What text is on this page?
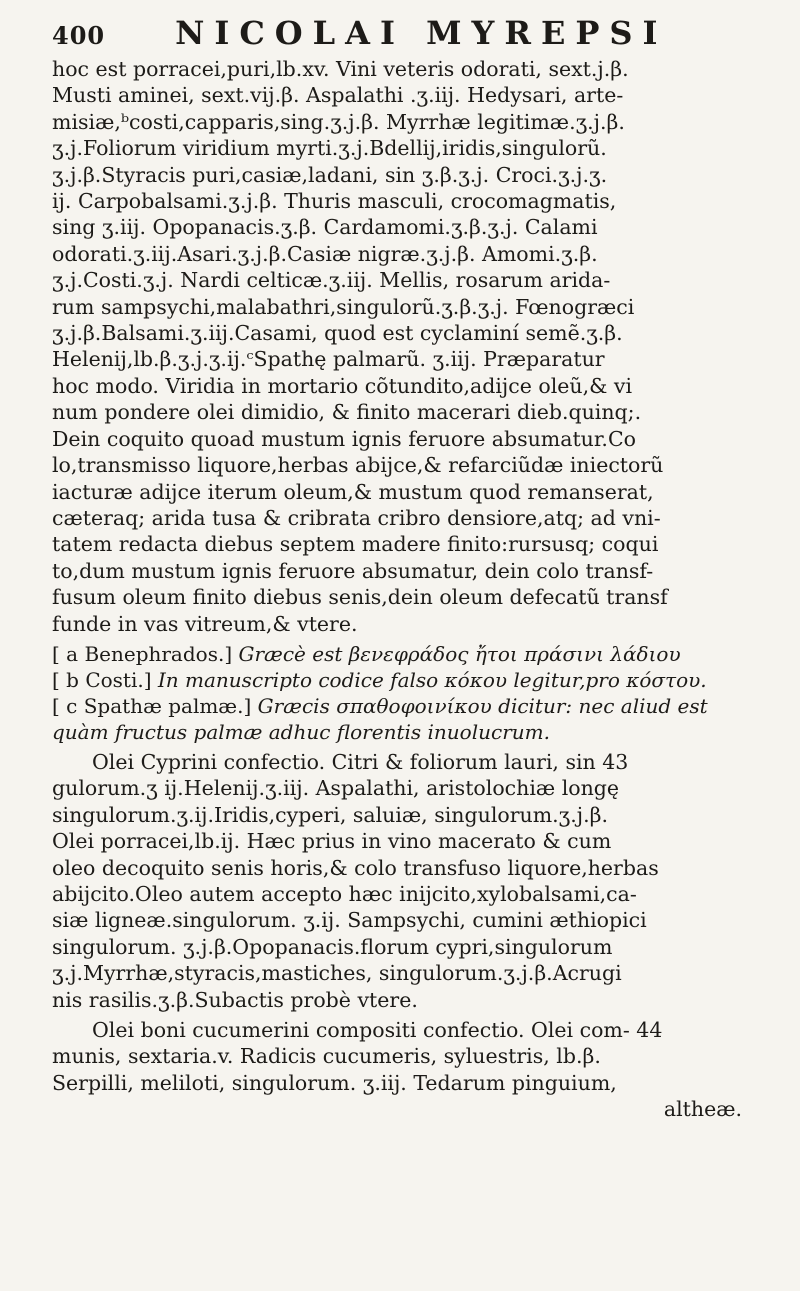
400 NICOLAI MYREPSI
hoc est porracei,puri,lb.xv. Vini veteris odorati, sext.j.β.
Musti aminei, sext.vij.β. Aspalathi .ʒ.iij. Hedysari, arte-
misiæ,ᵇcosti,capparis,sing.ʒ.j.β. Myrrhæ legitimæ.ʒ.j.β.
ʒ.j.Foliorum viridium myrti.ʒ.j.Bdellij,iridis,singulorũ.
ʒ.j.β.Styracis puri,casiæ,ladani, sin ʒ.β.ʒ.j. Croci.ʒ.j.ʒ.
ij. Carpobalsami.ʒ.j.β. Thuris masculi, crocomagmatis,
sing ʒ.iij. Opopanacis.ʒ.β. Cardamomi.ʒ.β.ʒ.j. Calami
odorati.ʒ.iij.Asari.ʒ.j.β.Casiæ nigræ.ʒ.j.β. Amomi.ʒ.β.
ʒ.j.Costi.ʒ.j. Nardi celticæ.ʒ.iij. Mellis, rosarum arida-
rum sampsychi,malabathri,singulorũ.ʒ.β.ʒ.j. Fœnogræci
ʒ.j.β.Balsami.ʒ.iij.Casami, quod est cyclaminí semẽ.ʒ.β.
Helenij,lb.β.ʒ.j.ʒ.ij.ᶜSpathę palmarũ. ʒ.iij. Præparatur
hoc modo. Viridia in mortario cõtundito,adijce oleũ,& vi
num pondere olei dimidio, & finito macerari dieb.quinq;.
Dein coquito quoad mustum ignis feruore absumatur.Co
lo,transmisso liquore,herbas abijce,& refarciũdæ iniectorũ
iacturæ adijce iterum oleum,& mustum quod remanserat,
cæteraq; arida tusa & cribrata cribro densiore,atq; ad vni-
tatem redacta diebus septem madere finito:rursusq; coqui
to,dum mustum ignis feruore absumatur, dein colo transf-
fusum oleum finito diebus senis,dein oleum defecatũ transf
funde in vas vitreum,& vtere.
[ a Benephrados.] Græcè est βενεφράδος ἤτοι πράσινι λάδιου
[ b Costi.] In manuscripto codice falso κόκου legitur,pro κόστου.
[ c Spathæ palmæ.] Græcis σπαθοφοινίκου dicitur: nec aliud est
quàm fructus palmæ adhuc florentis inuolucrum.
Olei Cyprini confectio. Citri & foliorum lauri, sin 43
gulorum.ʒ ij.Helenij.ʒ.iij. Aspalathi, aristolochiæ longę
singulorum.ʒ.ij.Iridis,cyperi, saluiæ, singulorum.ʒ.j.β.
Olei porracei,lb.ij. Hæc prius in vino macerato & cum
oleo decoquito senis horis,& colo transfuso liquore,herbas
abijcito.Oleo autem accepto hæc inijcito,xylobalsami,ca-
siæ ligneæ.singulorum. ʒ.ij. Sampsychi, cumini æthiopici
singulorum. ʒ.j.β.Opopanacis.florum cypri,singulorum
ʒ.j.Myrrhæ,styracis,mastiches, singulorum.ʒ.j.β.Acrugi
nis rasilis.ʒ.β.Subactis probè vtere.
Olei boni cucumerini compositi confectio. Olei com- 44
munis, sextaria.v. Radicis cucumeris, syluestris, lb.β.
Serpilli, meliloti, singulorum. ʒ.iij. Tedarum pinguium,
altheæ.
